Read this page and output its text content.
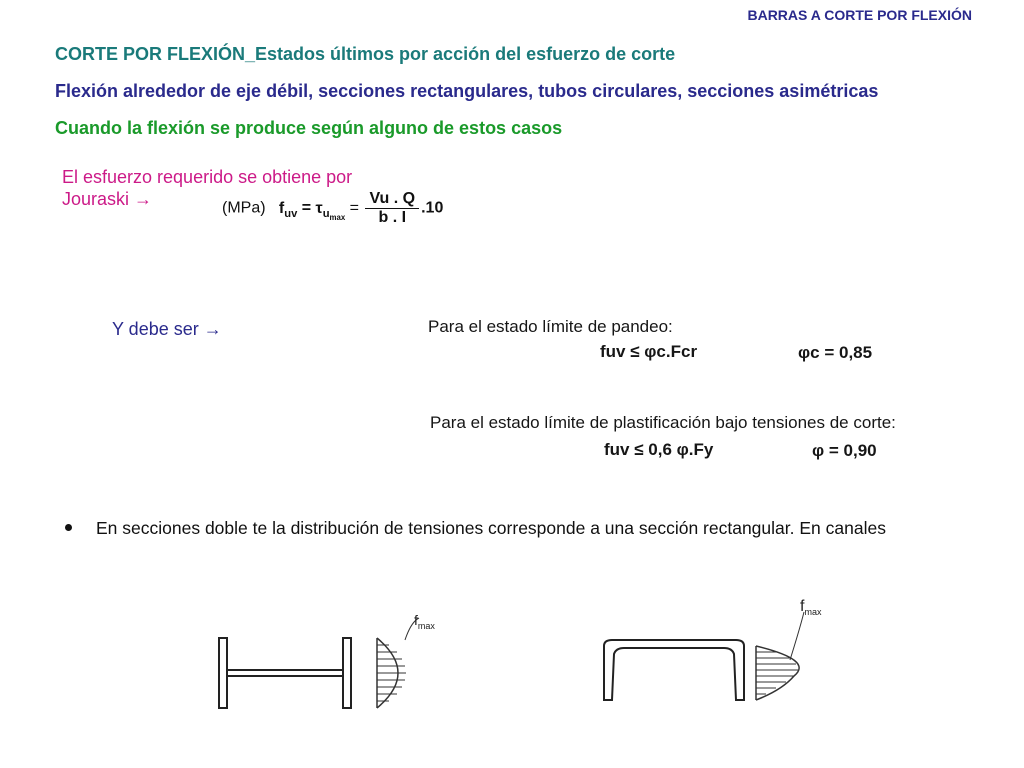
BARRAS A CORTE POR FLEXIÓN
CORTE POR FLEXIÓN_Estados últimos por acción del esfuerzo de corte
Flexión alrededor de eje débil, secciones rectangulares, tubos circulares, secciones asimétricas
Cuando la flexión se produce según alguno de estos casos
El esfuerzo requerido se obtiene por Jouraski →	(MPa) $f_{uv} = \tau_{u_{max}} = \frac{Vu . Q}{b . I} .10$
Y debe ser →	Para el estado límite de pandeo:
fuv ≤ φc.Fcr	φc = 0,85
Para el estado límite de plastificación bajo tensiones de corte:
fuv ≤ 0,6 φ.Fy	φ = 0,90
En secciones doble te la distribución de tensiones corresponde a una sección rectangular. En canales
$f_{max}$
$f_{max}$
